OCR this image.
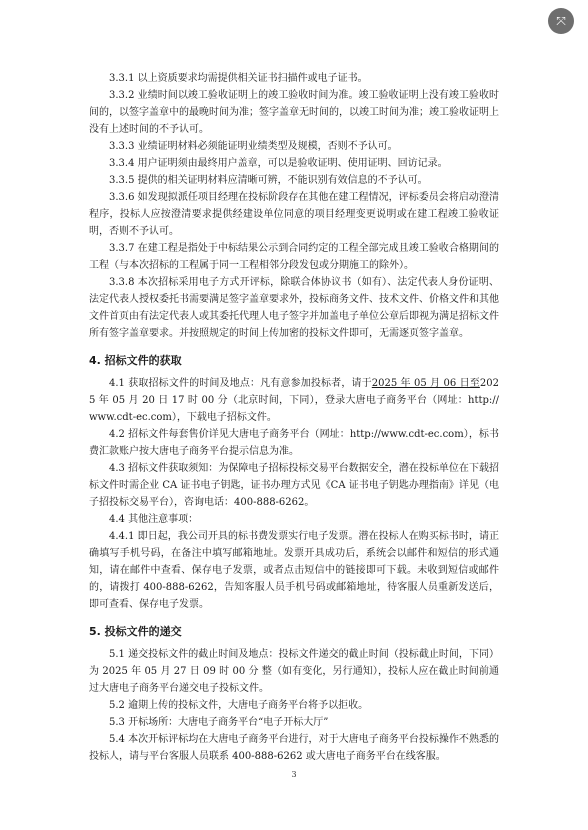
⤧

3.3.1 以上资质要求均需提供相关证书扫描件或电子证书。

3.3.2 业绩时间以竣工验收证明上的竣工验收时间为准。竣工验收证明上没有竣工验收时间的，以签字盖章中的最晚时间为准；签字盖章无时间的，以竣工时间为准；竣工验收证明上没有上述时间的不予认可。

3.3.3 业绩证明材料必须能证明业绩类型及规模，否则不予认可。

3.3.4 用户证明须由最终用户盖章，可以是验收证明、使用证明、回访记录。

3.3.5 提供的相关证明材料应清晰可辨，不能识别有效信息的不予认可。

3.3.6 如发现拟派任项目经理在投标阶段存在其他在建工程情况，评标委员会将启动澄清程序，投标人应按澄清要求提供经建设单位同意的项目经理变更说明或在建工程竣工验收证明，否则不予认可。

3.3.7 在建工程是指处于中标结果公示到合同约定的工程全部完成且竣工验收合格期间的工程（与本次招标的工程属于同一工程相邻分段发包或分期施工的除外）。

3.3.8 本次招标采用电子方式开评标，除联合体协议书（如有）、法定代表人身份证明、法定代表人授权委托书需要满足签字盖章要求外，投标商务文件、技术文件、价格文件和其他文件首页由有法定代表人或其委托代理人电子签字并加盖电子单位公章后即视为满足招标文件所有签字盖章要求。并按照规定的时间上传加密的投标文件即可，无需逐页签字盖章。

4. 招标文件的获取

4.1 获取招标文件的时间及地点：凡有意参加投标者，请于2025 年 05 月 06 日至2025 年 05 月 20 日 17 时 00 分（北京时间，下同），登录大唐电子商务平台（网址：http://www.cdt-ec.com），下载电子招标文件。

4.2 招标文件每套售价详见大唐电子商务平台（网址：http://www.cdt-ec.com），标书费汇款账户按大唐电子商务平台提示信息为准。

4.3 招标文件获取须知：为保障电子招标投标交易平台数据安全，潜在投标单位在下载招标文件时需企业 CA 证书电子钥匙，证书办理方式见《CA 证书电子钥匙办理指南》详见（电子招投标交易平台），咨询电话：400-888-6262。

4.4 其他注意事项：

4.4.1 即日起，我公司开具的标书费发票实行电子发票。潜在投标人在购买标书时，请正确填写手机号码，在备注中填写邮箱地址。发票开具成功后，系统会以邮件和短信的形式通知，请在邮件中查看、保存电子发票，或者点击短信中的链接即可下载。未收到短信或邮件的，请拨打 400-888-6262，告知客服人员手机号码或邮箱地址，待客服人员重新发送后，即可查看、保存电子发票。

5. 投标文件的递交

5.1 递交投标文件的截止时间及地点：投标文件递交的截止时间（投标截止时间，下同）为 2025 年 05 月 27 日 09 时 00 分 整（如有变化，另行通知），投标人应在截止时间前通过大唐电子商务平台递交电子投标文件。

5.2 逾期上传的投标文件，大唐电子商务平台将予以拒收。

5.3 开标场所：大唐电子商务平台“电子开标大厅”

5.4 本次开标评标均在大唐电子商务平台进行，对于大唐电子商务平台投标操作不熟悉的投标人，请与平台客服人员联系 400-888-6262 或大唐电子商务平台在线客服。

3
